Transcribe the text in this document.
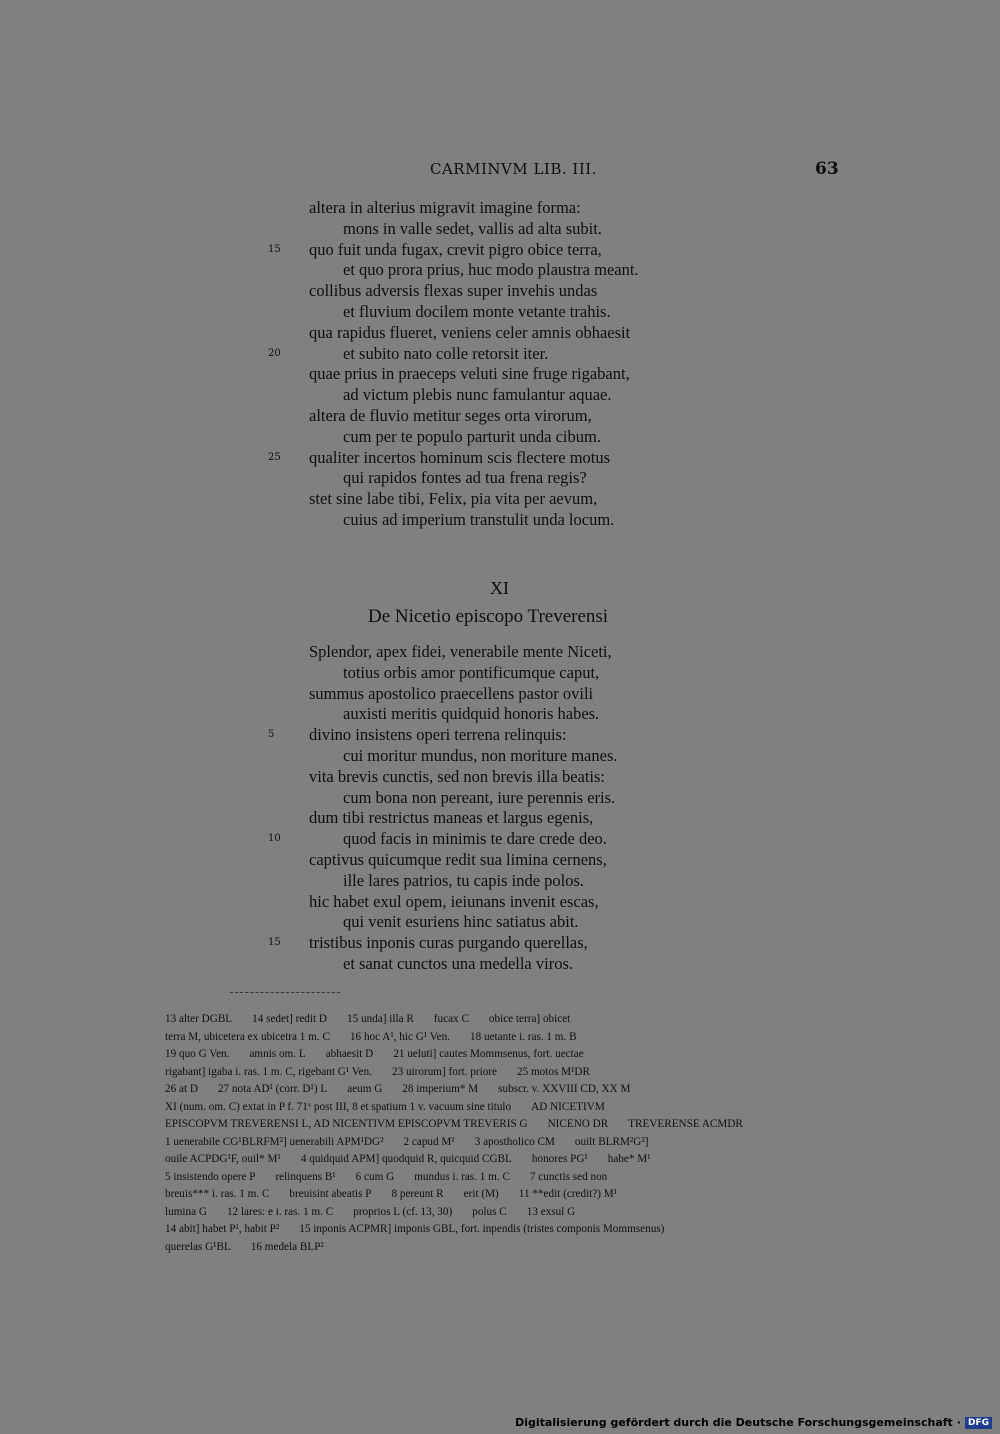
CARMINVM LIB. III.	63
altera in alterius migravit imagine forma:
mons in valle sedet, vallis ad alta subit.
quo fuit unda fugax, crevit pigro obice terra,
15
et quo prora prius, huc modo plaustra meant.
collibus adversis flexas super invehis undas
et fluvium docilem monte vetante trahis.
qua rapidus flueret, veniens celer amnis obhaesit
et subito nato colle retorsit iter.
20
quae prius in praeceps veluti sine fruge rigabant,
ad victum plebis nunc famulantur aquae.
altera de fluvio metitur seges orta virorum,
cum per te populo parturit unda cibum.
qualiter incertos hominum scis flectere motus
25
qui rapidos fontes ad tua frena regis?
stet sine labe tibi, Felix, pia vita per aevum,
cuius ad imperium transtulit unda locum.
XI
De Nicetio episcopo Treverensi
Splendor, apex fidei, venerabile mente Niceti,
totius orbis amor pontificumque caput,
summus apostolico praecellens pastor ovili
auxisti meritis quidquid honoris habes.
divino insistens operi terrena relinquis:
5
cui moritur mundus, non moriture manes.
vita brevis cunctis, sed non brevis illa beatis:
cum bona non pereant, iure perennis eris.
dum tibi restrictus maneas et largus egenis,
quod facis in minimis te dare crede deo.
10
captivus quicumque redit sua limina cernens,
ille lares patrios, tu capis inde polos.
hic habet exul opem, ieiunans invenit escas,
qui venit esuriens hinc satiatus abit.
tristibus inponis curas purgando querellas,
15
et sanat cunctos una medella viros.
13 alter DGBL 14 sedet] redit D 15 unda] illa R fucax C obice terra] obicet
terra M, ubicetera ex ubicetra 1 m. C 16 hoc A¹, hic G¹ Ven. 18 uetante i. ras. 1 m. B
19 quo G Ven. amnis om. L abhaesit D 21 ueluti] cautes Mommsenus, fort. uectae
rigabant] igaba i. ras. 1 m. C, rigebant G¹ Ven. 23 uirorum] fort. priore 25 motos M¹DR
26 at D 27 nota AD¹ (corr. D¹) L aeum G 28 imperium* M subscr. v. XXVIII CD, XX M
XI (num. om. C) extat in P f. 71ᵛ post III, 8 et spatium 1 v. vacuum sine titulo AD NICETIVM
EPISCOPVM TREVERENSI L, AD NICENTIVM EPISCOPVM TREVERIS G NICENO DR TREVERENSE ACMDR
1 uenerabile CG¹BLRFM²] uenerabili APM¹DG² 2 capud M¹ 3 apostholico CM ouilt BLRM²G²]
ouile ACPDG¹F, ouil* M¹ 4 quidquid APM] quodquid R, quicquid CGBL honores PG¹ habe* M¹
5 insistendo opere P relinquens B¹ 6 cum G mundus i. ras. 1 m. C 7 cunctis sed non
breuis*** i. ras. 1 m. C breuisint abeatis P 8 pereunt R erit (M) 11 **edit (credit?) M¹
lumina G 12 lares: e i. ras. 1 m. C proprios L (cf. 13, 30) polus C 13 exsul G
14 abit] habet P¹, habit P² 15 inponis ACPMR] imponis GBL, fort. inpendis (tristes componis Mommsenus)
querelas G¹BL 16 medela BLP²
Digitalisierung gefördert durch die Deutsche Forschungsgemeinschaft · DFG
